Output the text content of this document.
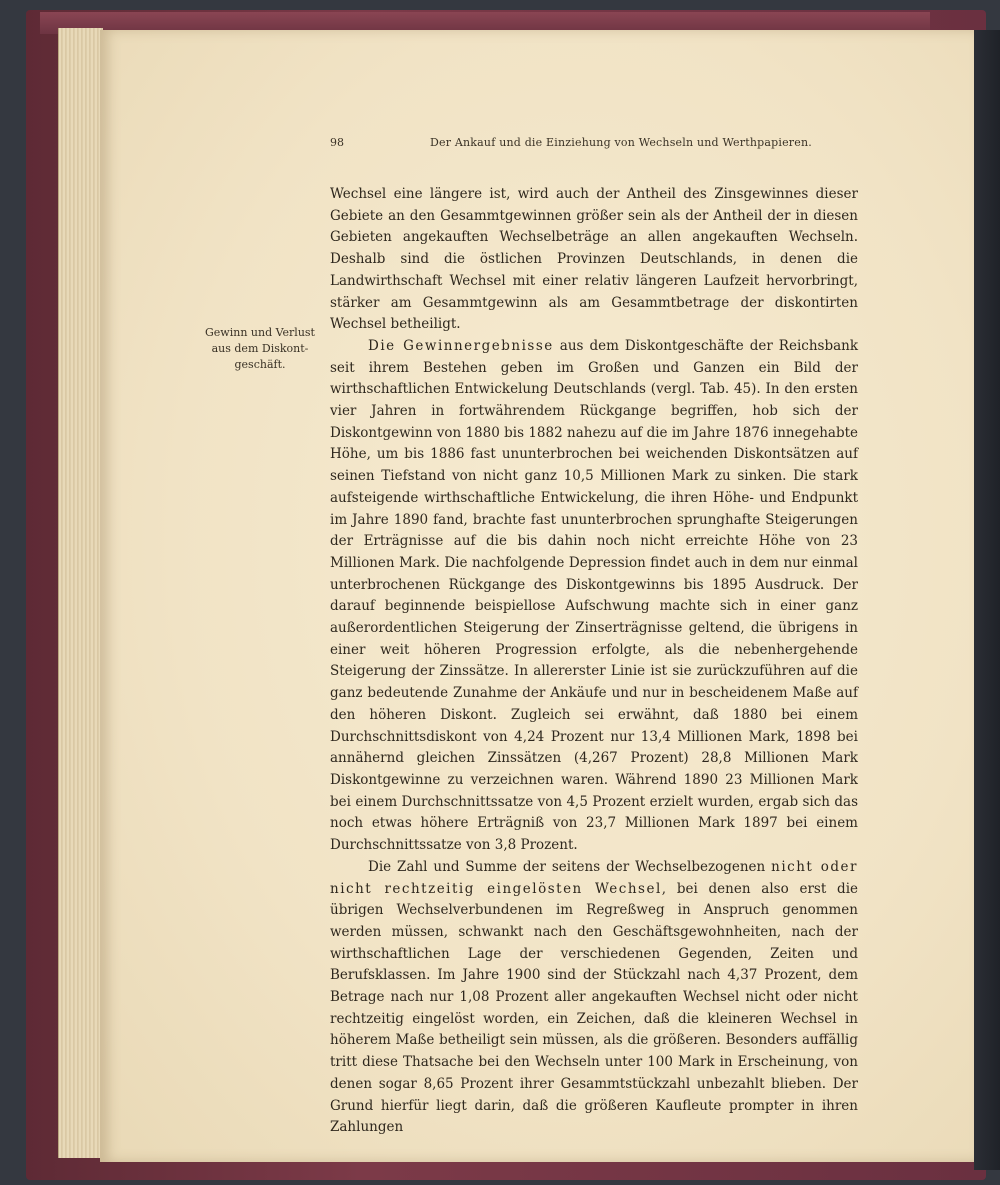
98	Der Ankauf und die Einziehung von Wechseln und Werthpapieren.
Gewinn und Verlust aus dem Diskont-geschäft.

Wechsel eine längere ist, wird auch der Antheil des Zinsgewinnes dieser Gebiete an den Gesammtgewinnen größer sein als der Antheil der in diesen Gebieten angekauften Wechselbeträge an allen angekauften Wechseln. Deshalb sind die östlichen Provinzen Deutschlands, in denen die Landwirthschaft Wechsel mit einer relativ längeren Laufzeit hervorbringt, stärker am Gesammtgewinn als am Gesammtbetrage der diskontirten Wechsel betheiligt.

Die Gewinnergebnisse aus dem Diskontgeschäfte der Reichsbank seit ihrem Bestehen geben im Großen und Ganzen ein Bild der wirthschaftlichen Entwickelung Deutschlands (vergl. Tab. 45). In den ersten vier Jahren in fortwährendem Rückgange begriffen, hob sich der Diskontgewinn von 1880 bis 1882 nahezu auf die im Jahre 1876 innegehabte Höhe, um bis 1886 fast ununterbrochen bei weichenden Diskontsätzen auf seinen Tiefstand von nicht ganz 10,5 Millionen Mark zu sinken. Die stark aufsteigende wirthschaftliche Entwickelung, die ihren Höhe- und Endpunkt im Jahre 1890 fand, brachte fast ununterbrochen sprunghafte Steigerungen der Erträgnisse auf die bis dahin noch nicht erreichte Höhe von 23 Millionen Mark. Die nachfolgende Depression findet auch in dem nur einmal unterbrochenen Rückgange des Diskontgewinns bis 1895 Ausdruck. Der darauf beginnende beispiellose Aufschwung machte sich in einer ganz außerordentlichen Steigerung der Zinserträgnisse geltend, die übrigens in einer weit höheren Progression erfolgte, als die nebenhergehende Steigerung der Zinssätze. In allererster Linie ist sie zurückzuführen auf die ganz bedeutende Zunahme der Ankäufe und nur in bescheidenem Maße auf den höheren Diskont. Zugleich sei erwähnt, daß 1880 bei einem Durchschnittsdiskont von 4,24 Prozent nur 13,4 Millionen Mark, 1898 bei annähernd gleichen Zinssätzen (4,267 Prozent) 28,8 Millionen Mark Diskontgewinne zu verzeichnen waren. Während 1890 23 Millionen Mark bei einem Durchschnittssatze von 4,5 Prozent erzielt wurden, ergab sich das noch etwas höhere Erträgniß von 23,7 Millionen Mark 1897 bei einem Durchschnittssatze von 3,8 Prozent.

Die Zahl und Summe der seitens der Wechselbezogenen nicht oder nicht rechtzeitig eingelösten Wechsel, bei denen also erst die übrigen Wechselverbundenen im Regreßweg in Anspruch genommen werden müssen, schwankt nach den Geschäftsgewohnheiten, nach der wirthschaftlichen Lage der verschiedenen Gegenden, Zeiten und Berufsklassen. Im Jahre 1900 sind der Stückzahl nach 4,37 Prozent, dem Betrage nach nur 1,08 Prozent aller angekauften Wechsel nicht oder nicht rechtzeitig eingelöst worden, ein Zeichen, daß die kleineren Wechsel in höherem Maße betheiligt sein müssen, als die größeren. Besonders auffällig tritt diese Thatsache bei den Wechseln unter 100 Mark in Erscheinung, von denen sogar 8,65 Prozent ihrer Gesammtstückzahl unbezahlt blieben. Der Grund hierfür liegt darin, daß die größeren Kaufleute prompter in ihren Zahlungen
